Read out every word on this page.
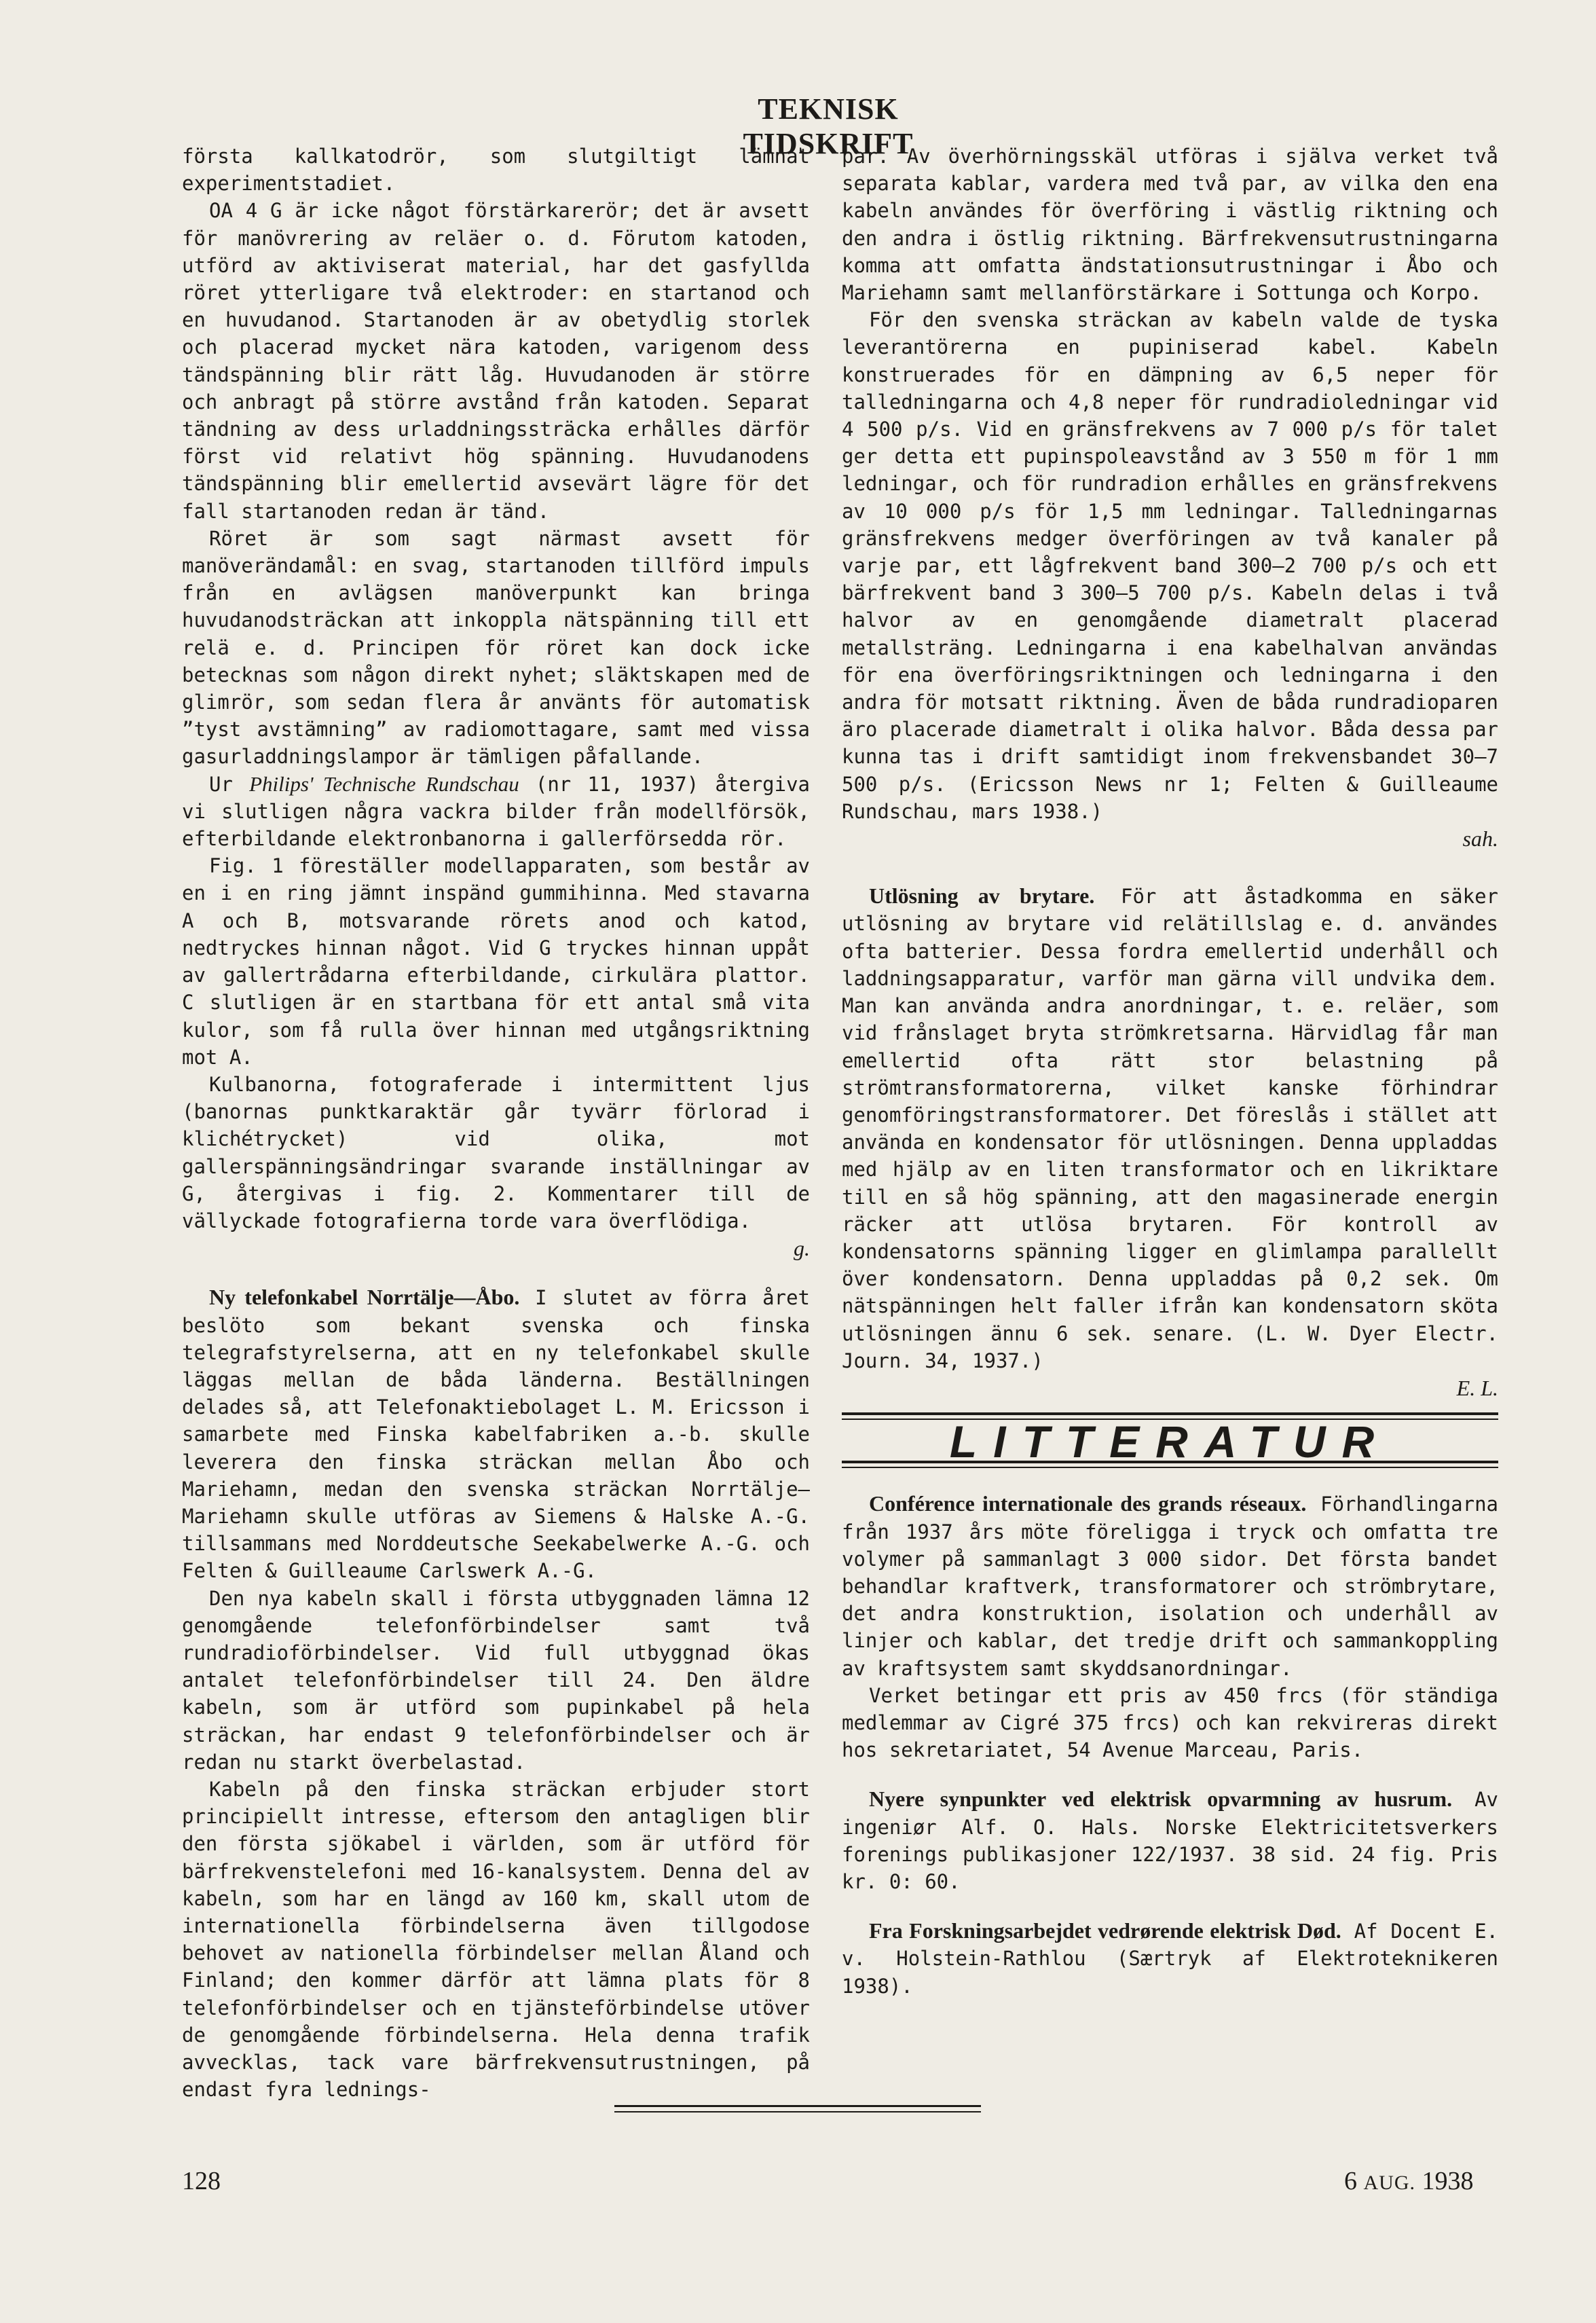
TEKNISK TIDSKRIFT

första kallkatodrör, som slutgiltigt lämnat experimentstadiet.

OA 4 G är icke något förstärkarerör; det är avsett för manövrering av reläer o. d. Förutom katoden, utförd av aktiviserat material, har det gasfyllda röret ytterligare två elektroder: en startanod och en huvudanod. Startanoden är av obetydlig storlek och placerad mycket nära katoden, varigenom dess tändspänning blir rätt låg. Huvudanoden är större och anbragt på större avstånd från katoden. Separat tändning av dess urladdningssträcka erhålles därför först vid relativt hög spänning. Huvudanodens tändspänning blir emellertid avsevärt lägre för det fall startanoden redan är tänd.

Röret är som sagt närmast avsett för manöverändamål: en svag, startanoden tillförd impuls från en avlägsen manöverpunkt kan bringa huvudanodsträckan att inkoppla nätspänning till ett relä e. d. Principen för röret kan dock icke betecknas som någon direkt nyhet; släktskapen med de glimrör, som sedan flera år använts för automatisk ”tyst avstämning” av radiomottagare, samt med vissa gasurladdningslampor är tämligen påfallande.

Ur Philips' Technische Rundschau (nr 11, 1937) återgiva vi slutligen några vackra bilder från modellförsök, efterbildande elektronbanorna i gallerförsedda rör.

Fig. 1 föreställer modellapparaten, som består av en i en ring jämnt inspänd gummihinna. Med stavarna A och B, motsvarande rörets anod och katod, nedtryckes hinnan något. Vid G tryckes hinnan uppåt av gallertrådarna efterbildande, cirkulära plattor. C slutligen är en startbana för ett antal små vita kulor, som få rulla över hinnan med utgångsriktning mot A.

Kulbanorna, fotograferade i intermittent ljus (banornas punktkaraktär går tyvärr förlorad i klichétrycket) vid olika, mot gallerspänningsändringar svarande inställningar av G, återgivas i fig. 2. Kommentarer till de vällyckade fotografierna torde vara överflödiga.

g.

Ny telefonkabel Norrtälje—Åbo. I slutet av förra året beslöto som bekant svenska och finska telegrafstyrelserna, att en ny telefonkabel skulle läggas mellan de båda länderna. Beställningen delades så, att Telefonaktiebolaget L. M. Ericsson i samarbete med Finska kabelfabriken a.-b. skulle leverera den finska sträckan mellan Åbo och Mariehamn, medan den svenska sträckan Norrtälje—Mariehamn skulle utföras av Siemens & Halske A.-G. tillsammans med Norddeutsche Seekabelwerke A.-G. och Felten & Guilleaume Carlswerk A.-G.

Den nya kabeln skall i första utbyggnaden lämna 12 genomgående telefonförbindelser samt två rundradioförbindelser. Vid full utbyggnad ökas antalet telefonförbindelser till 24. Den äldre kabeln, som är utförd som pupinkabel på hela sträckan, har endast 9 telefonförbindelser och är redan nu starkt överbelastad.

Kabeln på den finska sträckan erbjuder stort principiellt intresse, eftersom den antagligen blir den första sjökabel i världen, som är utförd för bärfrekvenstelefoni med 16-kanalsystem. Denna del av kabeln, som har en längd av 160 km, skall utom de internationella förbindelserna även tillgodose behovet av nationella förbindelser mellan Åland och Finland; den kommer därför att lämna plats för 8 telefonförbindelser och en tjänsteförbindelse utöver de genomgående förbindelserna. Hela denna trafik avvecklas, tack vare bärfrekvensutrustningen, på endast fyra lednings-

par. Av överhörningsskäl utföras i själva verket två separata kablar, vardera med två par, av vilka den ena kabeln användes för överföring i västlig riktning och den andra i östlig riktning. Bärfrekvensutrustningarna komma att omfatta ändstationsutrustningar i Åbo och Mariehamn samt mellanförstärkare i Sottunga och Korpo.

För den svenska sträckan av kabeln valde de tyska leverantörerna en pupiniserad kabel. Kabeln konstruerades för en dämpning av 6,5 neper för talledningarna och 4,8 neper för rundradioledningar vid 4 500 p/s. Vid en gränsfrekvens av 7 000 p/s för talet ger detta ett pupinspoleavstånd av 3 550 m för 1 mm ledningar, och för rundradion erhålles en gränsfrekvens av 10 000 p/s för 1,5 mm ledningar. Talledningarnas gränsfrekvens medger överföringen av två kanaler på varje par, ett lågfrekvent band 300—2 700 p/s och ett bärfrekvent band 3 300—5 700 p/s. Kabeln delas i två halvor av en genomgående diametralt placerad metallsträng. Ledningarna i ena kabelhalvan användas för ena överföringsriktningen och ledningarna i den andra för motsatt riktning. Även de båda rundradioparen äro placerade diametralt i olika halvor. Båda dessa par kunna tas i drift samtidigt inom frekvensbandet 30—7 500 p/s. (Ericsson News nr 1; Felten & Guilleaume Rundschau, mars 1938.)

sah.

Utlösning av brytare. För att åstadkomma en säker utlösning av brytare vid relätillslag e. d. användes ofta batterier. Dessa fordra emellertid underhåll och laddningsapparatur, varför man gärna vill undvika dem. Man kan använda andra anordningar, t. e. reläer, som vid frånslaget bryta strömkretsarna. Härvidlag får man emellertid ofta rätt stor belastning på strömtransformatorerna, vilket kanske förhindrar genomföringstransformatorer. Det föreslås i stället att använda en kondensator för utlösningen. Denna uppladdas med hjälp av en liten transformator och en likriktare till en så hög spänning, att den magasinerade energin räcker att utlösa brytaren. För kontroll av kondensatorns spänning ligger en glimlampa parallellt över kondensatorn. Denna uppladdas på 0,2 sek. Om nätspänningen helt faller ifrån kan kondensatorn sköta utlösningen ännu 6 sek. senare. (L. W. Dyer Electr. Journ. 34, 1937.)

E. L.
LITTERATUR

Conférence internationale des grands réseaux. Förhandlingarna från 1937 års möte föreligga i tryck och omfatta tre volymer på sammanlagt 3 000 sidor. Det första bandet behandlar kraftverk, transformatorer och strömbrytare, det andra konstruktion, isolation och underhåll av linjer och kablar, det tredje drift och sammankoppling av kraftsystem samt skyddsanordningar.

Verket betingar ett pris av 450 frcs (för ständiga medlemmar av Cigré 375 frcs) och kan rekvireras direkt hos sekretariatet, 54 Avenue Marceau, Paris.

Nyere synpunkter ved elektrisk opvarmning av husrum. Av ingeniør Alf. O. Hals. Norske Elektricitetsverkers forenings publikasjoner 122/1937. 38 sid. 24 fig. Pris kr. 0: 60.

Fra Forskningsarbejdet vedrørende elektrisk Død. Af Docent E. v. Holstein-Rathlou (Særtryk af Elektroteknikeren 1938).

128	6 AUG. 1938
